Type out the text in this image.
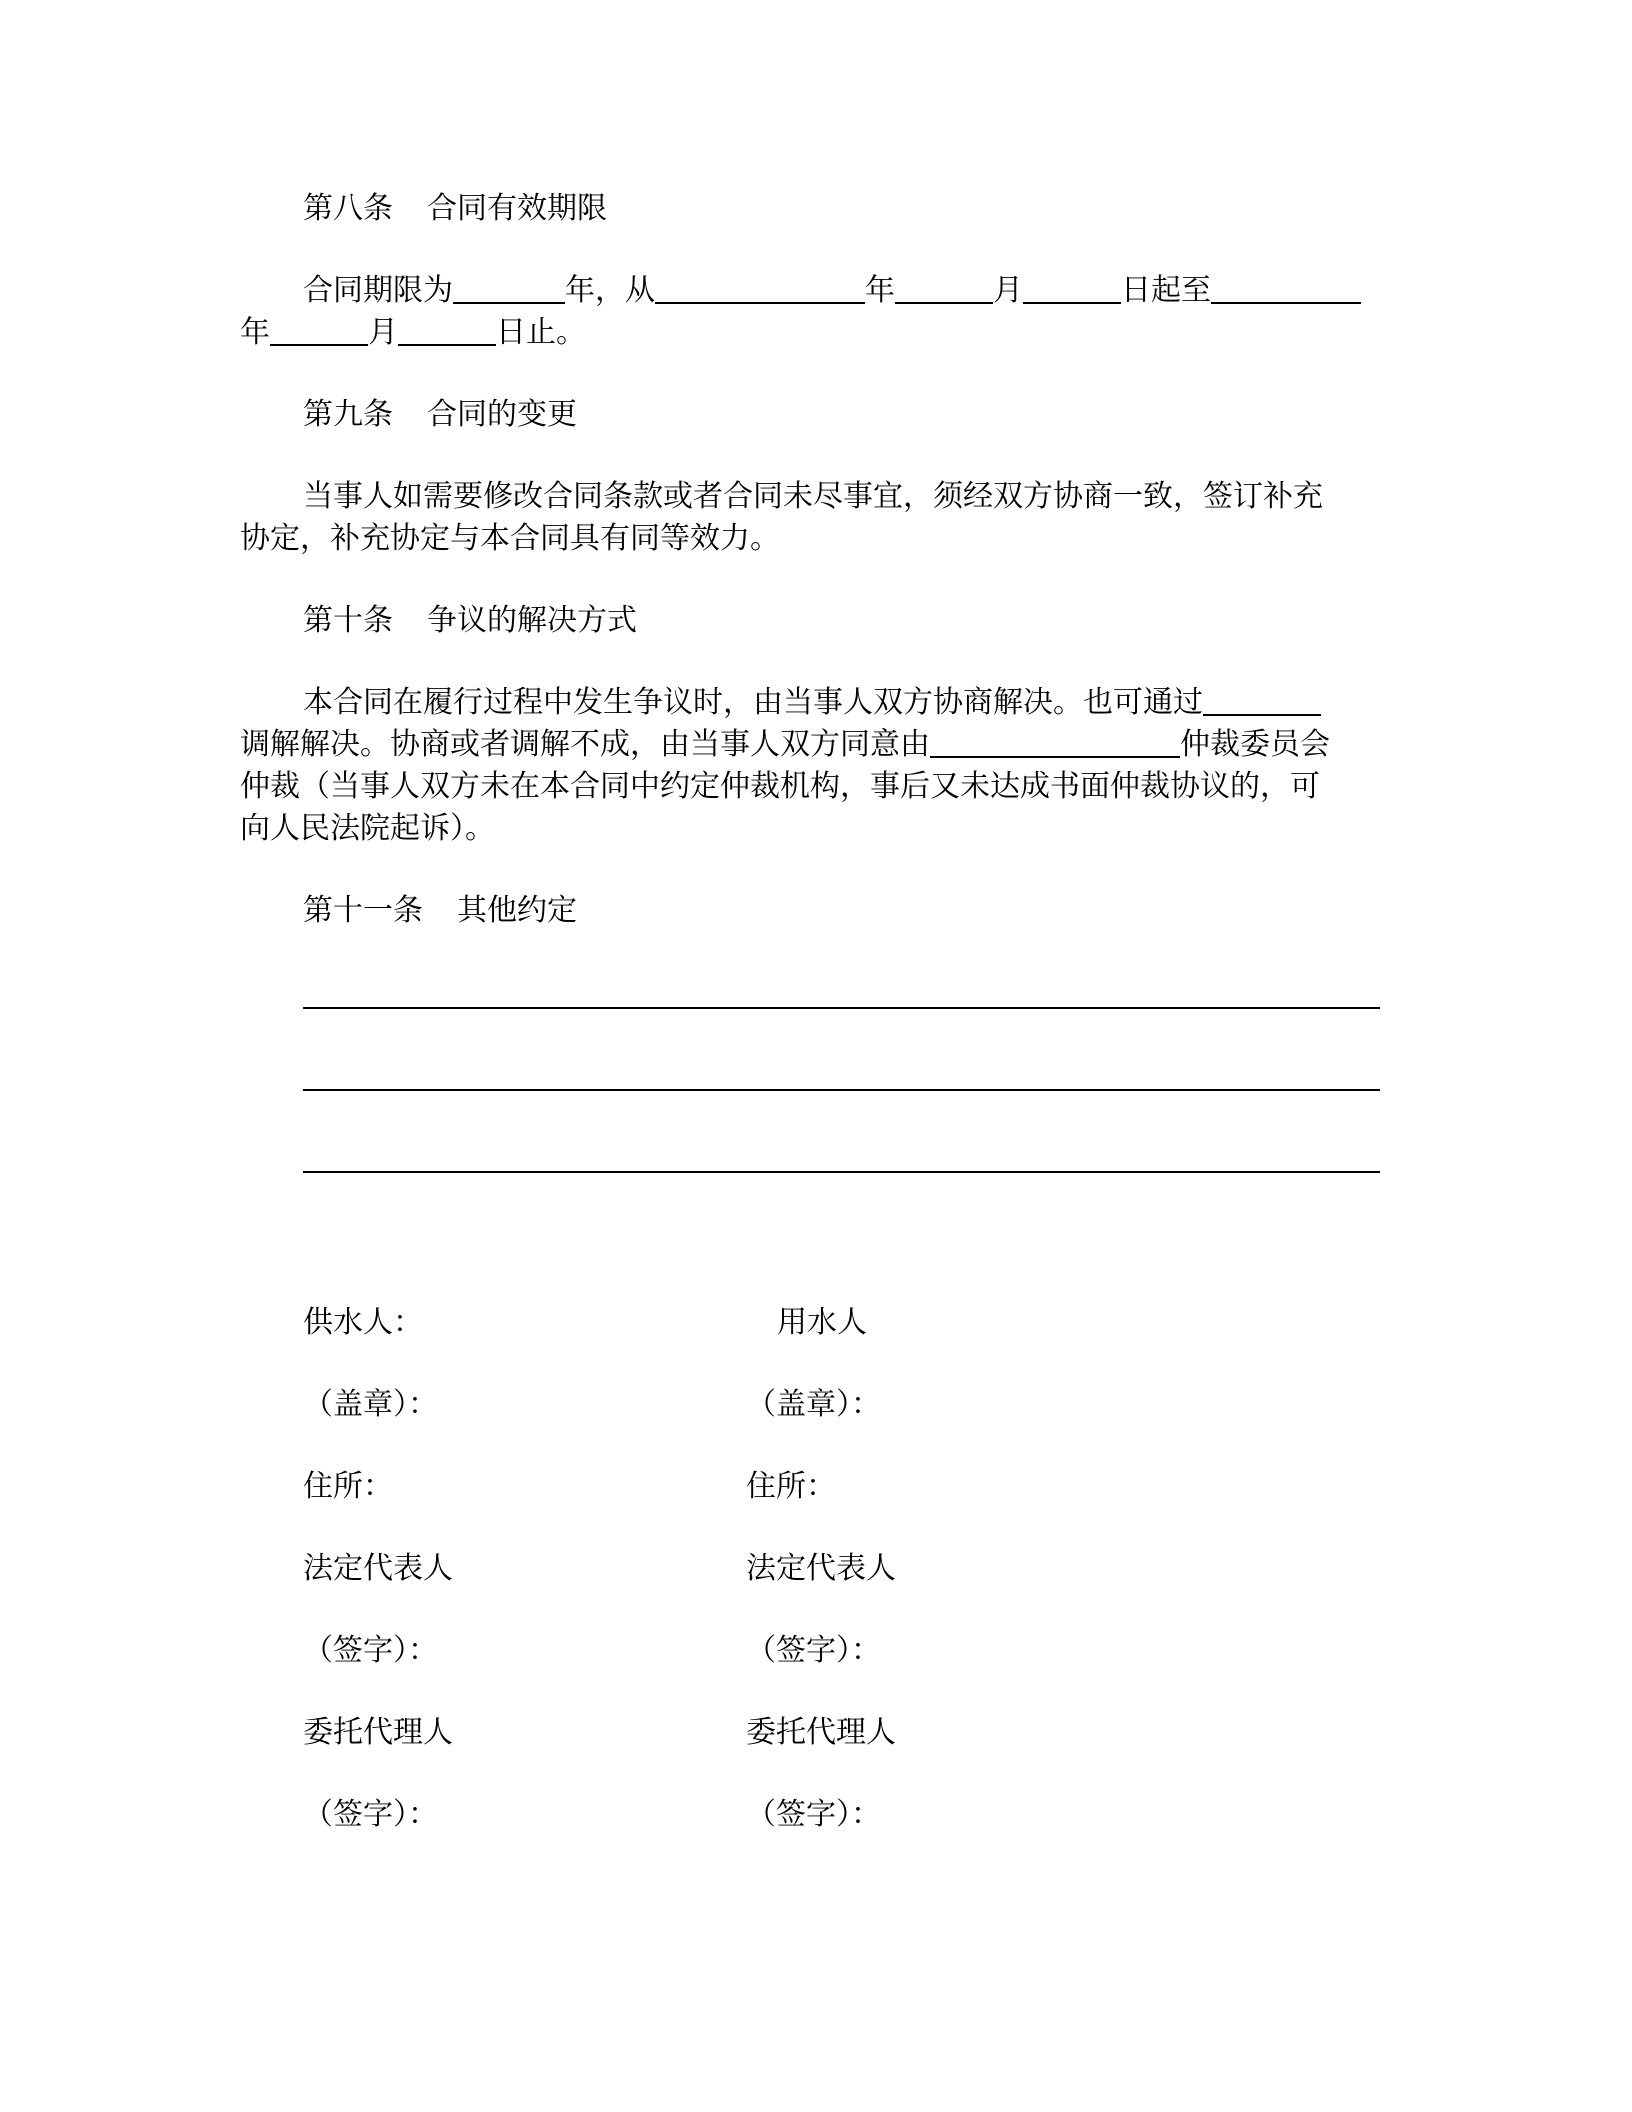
第八条 合同有效期限
合同期限为	年，从	年	月	日起至
年	月	日止。
第九条 合同的变更
当事人如需要修改合同条款或者合同未尽事宜，须经双方协商一致，签订补充
协定，补充协定与本合同具有同等效力。
第十条 争议的解决方式
本合同在履行过程中发生争议时，由当事人双方协商解决。也可通过
调解解决。协商或者调解不成，由当事人双方同意由	仲裁委员会
仲裁（当事人双方未在本合同中约定仲裁机构，事后又未达成书面仲裁协议的，可
向人民法院起诉）。
第十一条 其他约定
供水人：	用水人
（盖章）：	（盖章）：
住所：	住所：
法定代表人	法定代表人
（签字）：	（签字）：
委托代理人	委托代理人
（签字）：	（签字）：
